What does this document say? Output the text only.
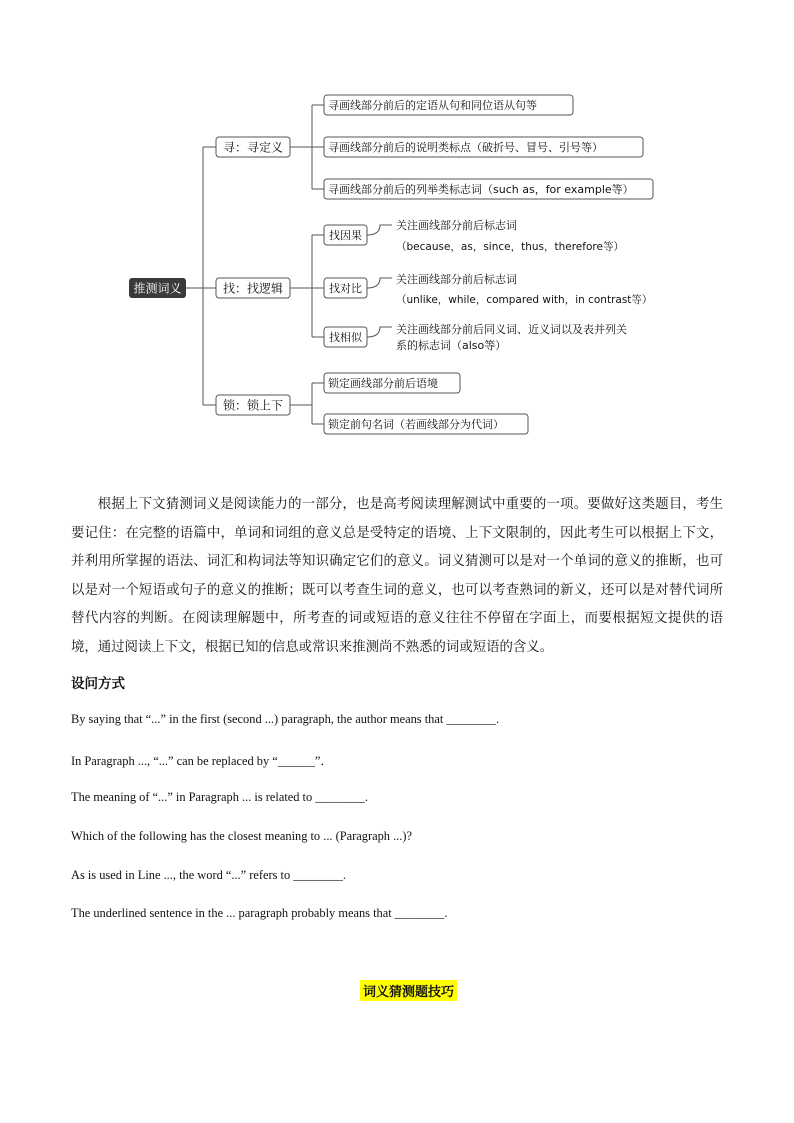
推测词义
寻：寻定义
找：找逻辑
锁：锁上下
寻画线部分前后的定语从句和同位语从句等
寻画线部分前后的说明类标点（破折号、冒号、引号等）
寻画线部分前后的列举类标志词（such as，for example等）
找因果
找对比
找相似
关注画线部分前后标志词
（because，as，since，thus，therefore等）
关注画线部分前后标志词
（unlike，while，compared with，in contrast等）
关注画线部分前后同义词、近义词以及表并列关
系的标志词（also等）
锁定画线部分前后语境
锁定前句名词（若画线部分为代词）

根据上下文猜测词义是阅读能力的一部分，也是高考阅读理解测试中重要的一项。要做好这类题目，考生要记住：在完整的语篇中，单词和词组的意义总是受特定的语境、上下文限制的，因此考生可以根据上下文，并利用所掌握的语法、词汇和构词法等知识确定它们的意义。词义猜测可以是对一个单词的意义的推断，也可以是对一个短语或句子的意义的推断；既可以考查生词的意义，也可以考查熟词的新义，还可以是对替代词所替代内容的判断。在阅读理解题中，所考查的词或短语的意义往往不停留在字面上，而要根据短文提供的语境，通过阅读上下文，根据已知的信息或常识来推测尚不熟悉的词或短语的含义。

设问方式

By saying that “...” in the first (second ...) paragraph, the author means that ________.

In Paragraph ..., “...” can be replaced by “______”．

The meaning of “...” in Paragraph ... is related to ________.

Which of the following has the closest meaning to ... (Paragraph ...)?

As is used in Line ..., the word “...” refers to ________.

The underlined sentence in the ... paragraph probably means that ________.

词义猜测题技巧
